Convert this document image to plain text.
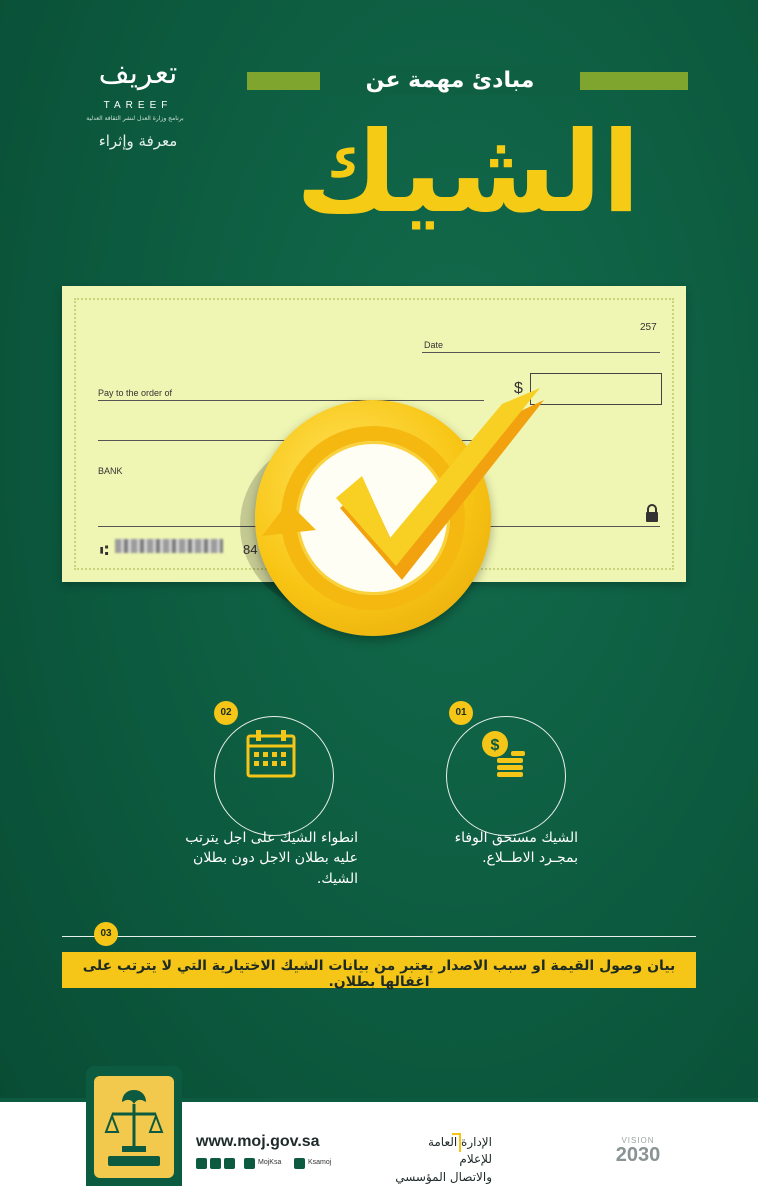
تعريف
TAREEF
برنامج وزارة العدل لنشر الثقافة العدلية
معرفة وإثراء
مبادئ مهمة عن
الشيك
257
Date
Pay to the order of	$
BANK
⑆	84
02
انطواء الشيك على اجل يترتب
عليه بطلان الاجل دون بطلان
الشيك.
01
$
الشيك مستحق الوفاء
بمجـرد الاطــلاع.
03
بيان وصول القيمة او سبب الاصدار يعتبر من بيانات الشيك الاختيارية التي لا يترتب على اغفالها بطلان.
www.moj.gov.sa
MojKsa	Ksamoj
الإدارة العامة للإعلام
والاتصال المؤسسي
VISION
2030
